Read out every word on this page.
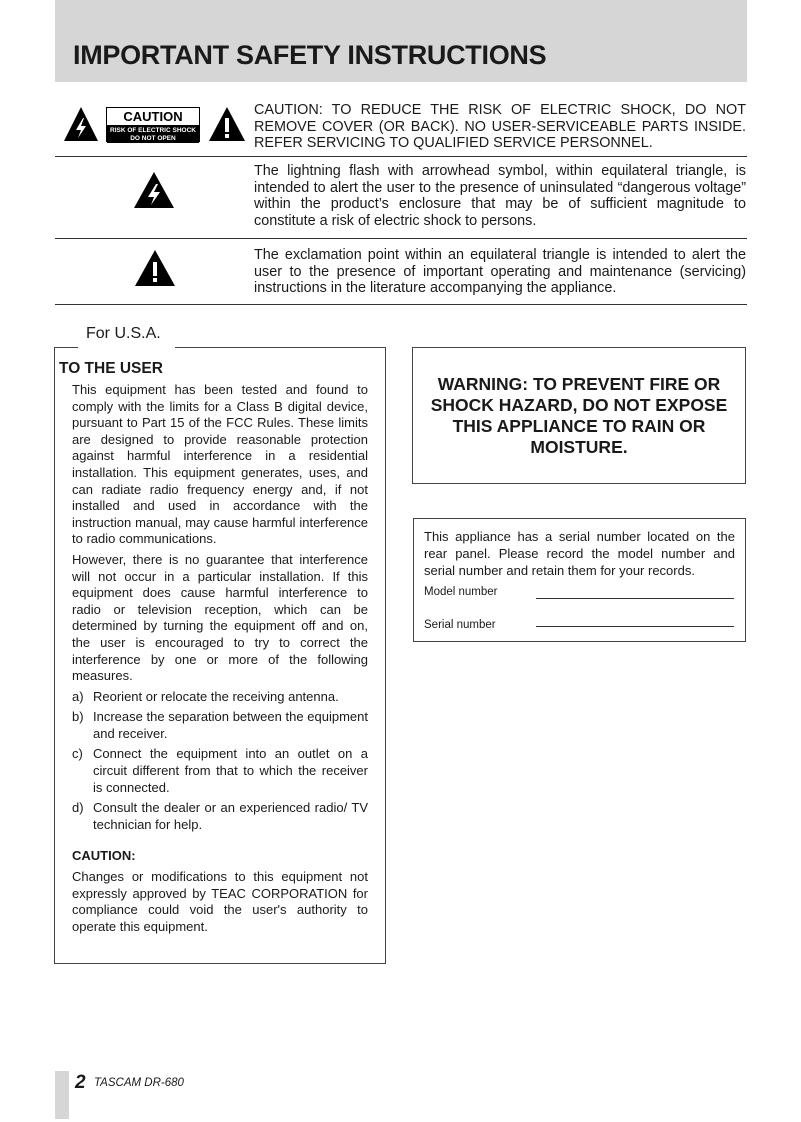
IMPORTANT SAFETY INSTRUCTIONS
CAUTION
RISK OF ELECTRIC SHOCK
DO NOT OPEN

CAUTION: TO REDUCE THE RISK OF ELECTRIC SHOCK, DO NOT REMOVE COVER (OR BACK). NO USER-SERVICEABLE PARTS INSIDE. REFER SERVICING TO QUALIFIED SERVICE PERSONNEL.

The lightning flash with arrowhead symbol, within equilateral triangle, is intended to alert the user to the presence of uninsulated “dangerous voltage” within the product’s enclosure that may be of sufficient magnitude to constitute a risk of electric shock to persons.

The exclamation point within an equilateral triangle is intended to alert the user to the presence of important operating and maintenance (servicing) instructions in the literature accompanying the appliance.

For U.S.A.
TO THE USER

This equipment has been tested and found to comply with the limits for a Class B digital device, pursuant to Part 15 of the FCC Rules. These limits are designed to provide reasonable protection against harmful interference in a residential installation. This equipment generates, uses, and can radiate radio frequency energy and, if not installed and used in accordance with the instruction manual, may cause harmful interference to radio communications.

However, there is no guarantee that interference will not occur in a particular installation. If this equipment does cause harmful interference to radio or television reception, which can be determined by turning the equipment off and on, the user is encouraged to try to correct the interference by one or more of the following measures.

a) Reorient or relocate the receiving antenna.
b) Increase the separation between the equipment and receiver.
c) Connect the equipment into an outlet on a circuit different from that to which the receiver is connected.
d) Consult the dealer or an experienced radio/ TV technician for help.
CAUTION:

Changes or modifications to this equipment not expressly approved by TEAC CORPORATION for compliance could void the user's authority to operate this equipment.

WARNING: TO PREVENT FIRE OR SHOCK HAZARD, DO NOT EXPOSE THIS APPLIANCE TO RAIN OR MOISTURE.

This appliance has a serial number located on the rear panel. Please record the model number and serial number and retain them for your records.

Model number
Serial number
2 TASCAM DR-680
